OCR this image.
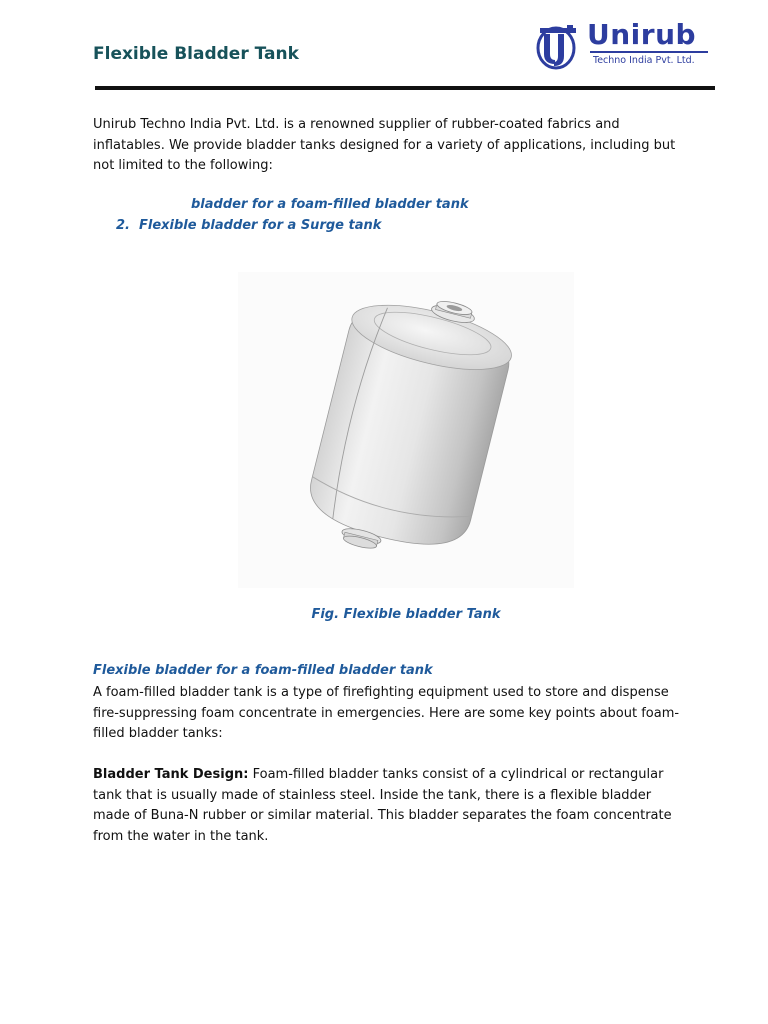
Flexible Bladder Tank
Unirub
Techno India Pvt. Ltd.

Unirub Techno India Pvt. Ltd. is a renowned supplier of rubber-coated fabrics and inflatables. We provide bladder tanks designed for a variety of applications, including but not limited to the following:

bladder for a foam-filled bladder tank
2. Flexible bladder for a Surge tank
Fig. Flexible bladder Tank
Flexible bladder for a foam-filled bladder tank

A foam-filled bladder tank is a type of firefighting equipment used to store and dispense fire-suppressing foam concentrate in emergencies. Here are some key points about foam-filled bladder tanks:

Bladder Tank Design: Foam-filled bladder tanks consist of a cylindrical or rectangular tank that is usually made of stainless steel. Inside the tank, there is a flexible bladder made of Buna-N rubber or similar material. This bladder separates the foam concentrate from the water in the tank.
